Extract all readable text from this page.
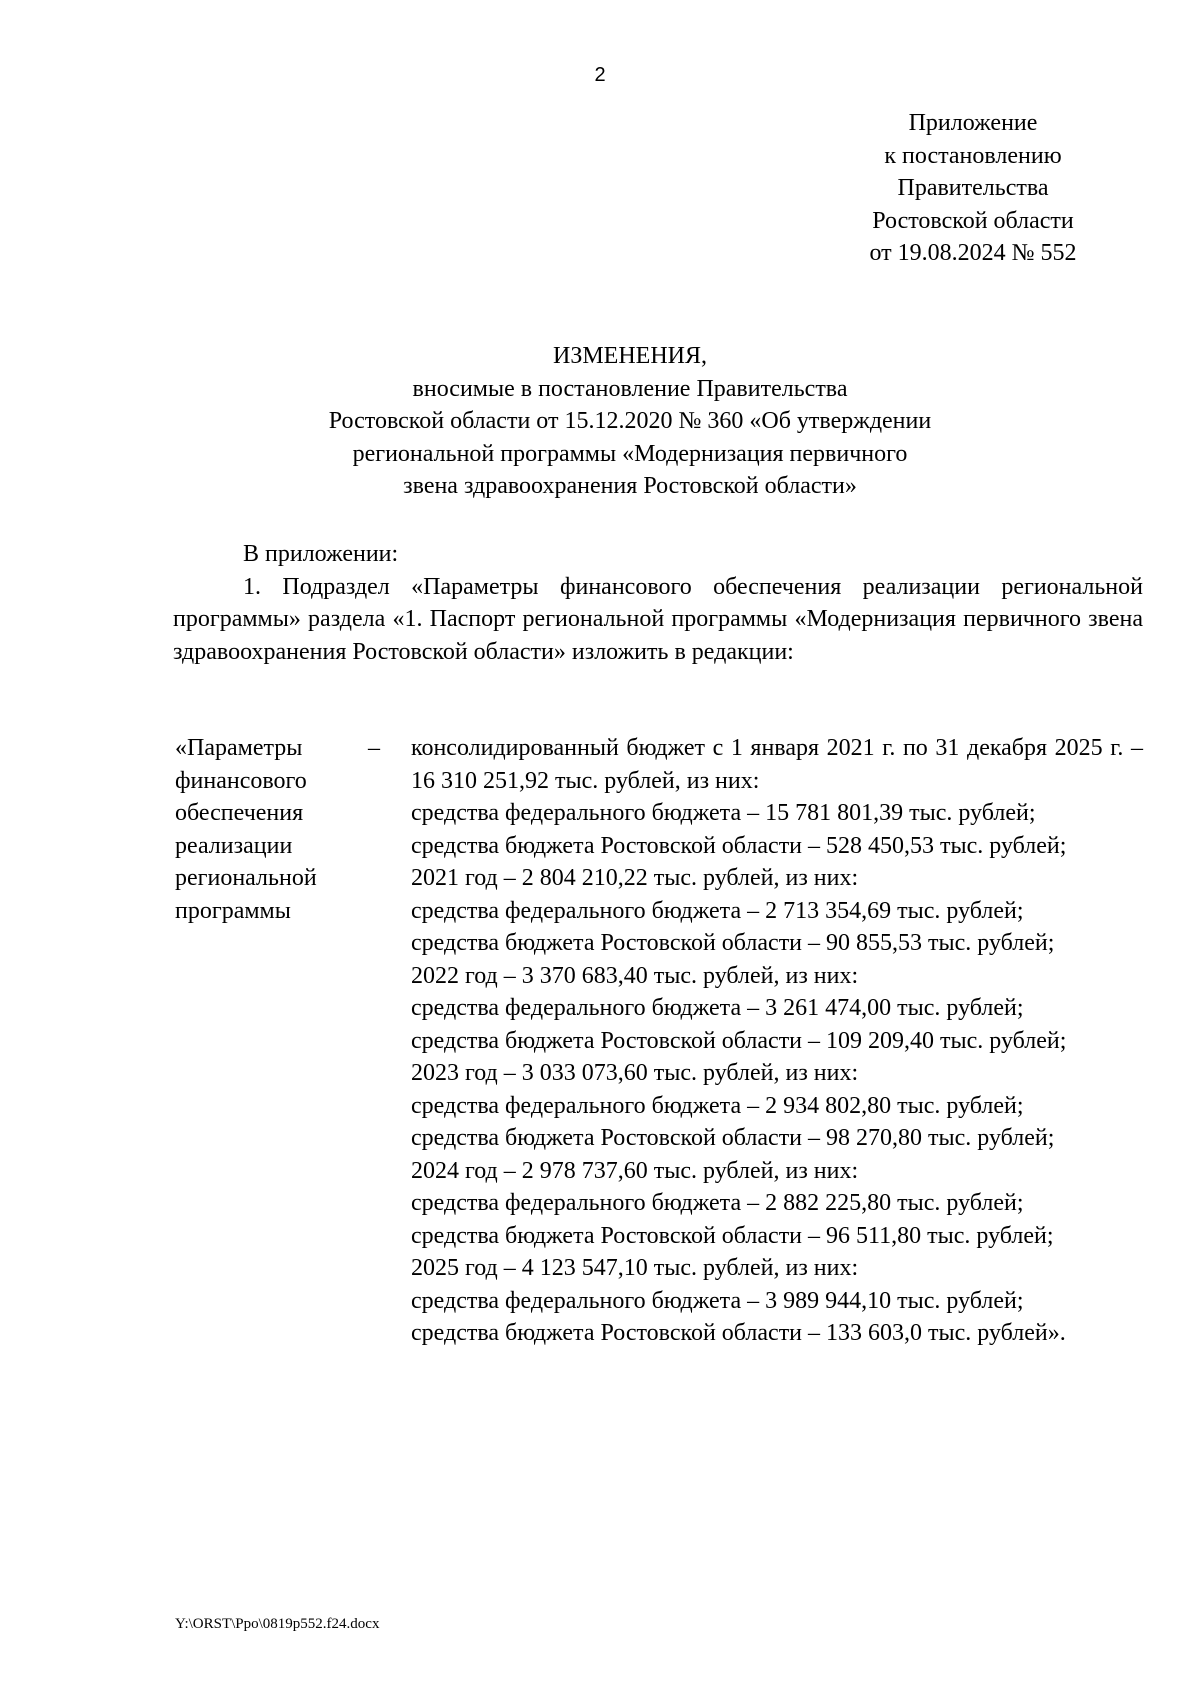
2
Приложение
к постановлению
Правительства
Ростовской области
от 19.08.2024 № 552
ИЗМЕНЕНИЯ,
вносимые в постановление Правительства
Ростовской области от 15.12.2020 № 360 «Об утверждении
региональной программы «Модернизация первичного
звена здравоохранения Ростовской области»
В приложении:
1. Подраздел «Параметры финансового обеспечения реализации региональной программы» раздела «1. Паспорт региональной программы «Модернизация первичного звена здравоохранения Ростовской области» изложить в редакции:
«Параметры
финансового
обеспечения
реализации
региональной
программы
– консолидированный бюджет с 1 января 2021 г. по 31 декабря 2025 г. – 16 310 251,92 тыс. рублей, из них:
средства федерального бюджета – 15 781 801,39 тыс. рублей;
средства бюджета Ростовской области – 528 450,53 тыс. рублей;
2021 год – 2 804 210,22 тыс. рублей, из них:
средства федерального бюджета – 2 713 354,69 тыс. рублей;
средства бюджета Ростовской области – 90 855,53 тыс. рублей;
2022 год – 3 370 683,40 тыс. рублей, из них:
средства федерального бюджета – 3 261 474,00 тыс. рублей;
средства бюджета Ростовской области – 109 209,40 тыс. рублей;
2023 год – 3 033 073,60 тыс. рублей, из них:
средства федерального бюджета – 2 934 802,80 тыс. рублей;
средства бюджета Ростовской области – 98 270,80 тыс. рублей;
2024 год – 2 978 737,60 тыс. рублей, из них:
средства федерального бюджета – 2 882 225,80 тыс. рублей;
средства бюджета Ростовской области – 96 511,80 тыс. рублей;
2025 год – 4 123 547,10 тыс. рублей, из них:
средства федерального бюджета – 3 989 944,10 тыс. рублей;
средства бюджета Ростовской области – 133 603,0 тыс. рублей».
Y:\ORST\Ppo\0819p552.f24.docx
